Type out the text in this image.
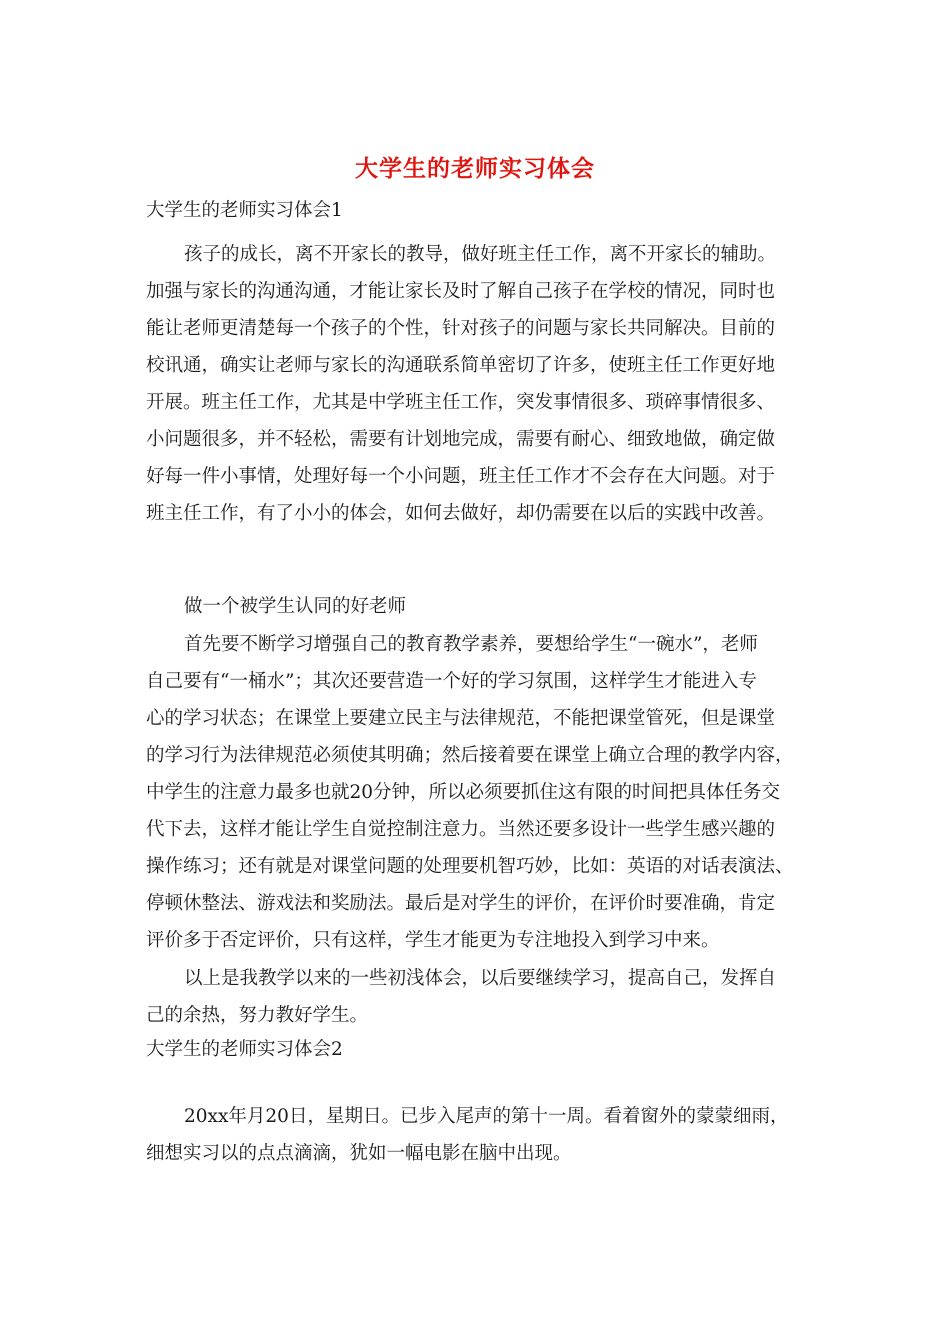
大学生的老师实习体会
大学生的老师实习体会1
孩子的成长，离不开家长的教导，做好班主任工作，离不开家长的辅助。
加强与家长的沟通沟通，才能让家长及时了解自己孩子在学校的情况，同时也
能让老师更清楚每一个孩子的个性，针对孩子的问题与家长共同解决。目前的
校讯通，确实让老师与家长的沟通联系简单密切了许多，使班主任工作更好地
开展。班主任工作，尤其是中学班主任工作，突发事情很多、琐碎事情很多、
小问题很多，并不轻松，需要有计划地完成，需要有耐心、细致地做，确定做
好每一件小事情，处理好每一个小问题，班主任工作才不会存在大问题。对于
班主任工作，有了小小的体会，如何去做好，却仍需要在以后的实践中改善。
做一个被学生认同的好老师
首先要不断学习增强自己的教育教学素养，要想给学生“一碗水”，老师
自己要有“一桶水”；其次还要营造一个好的学习氛围，这样学生才能进入专
心的学习状态；在课堂上要建立民主与法律规范，不能把课堂管死，但是课堂
的学习行为法律规范必须使其明确；然后接着要在课堂上确立合理的教学内容，
中学生的注意力最多也就20分钟，所以必须要抓住这有限的时间把具体任务交
代下去，这样才能让学生自觉控制注意力。当然还要多设计一些学生感兴趣的
操作练习；还有就是对课堂问题的处理要机智巧妙，比如：英语的对话表演法、
停顿休整法、游戏法和奖励法。最后是对学生的评价，在评价时要准确，肯定
评价多于否定评价，只有这样，学生才能更为专注地投入到学习中来。
以上是我教学以来的一些初浅体会，以后要继续学习，提高自己，发挥自
己的余热，努力教好学生。
大学生的老师实习体会2
20xx年月20日，星期日。已步入尾声的第十一周。看着窗外的蒙蒙细雨，
细想实习以的点点滴滴，犹如一幅电影在脑中出现。
